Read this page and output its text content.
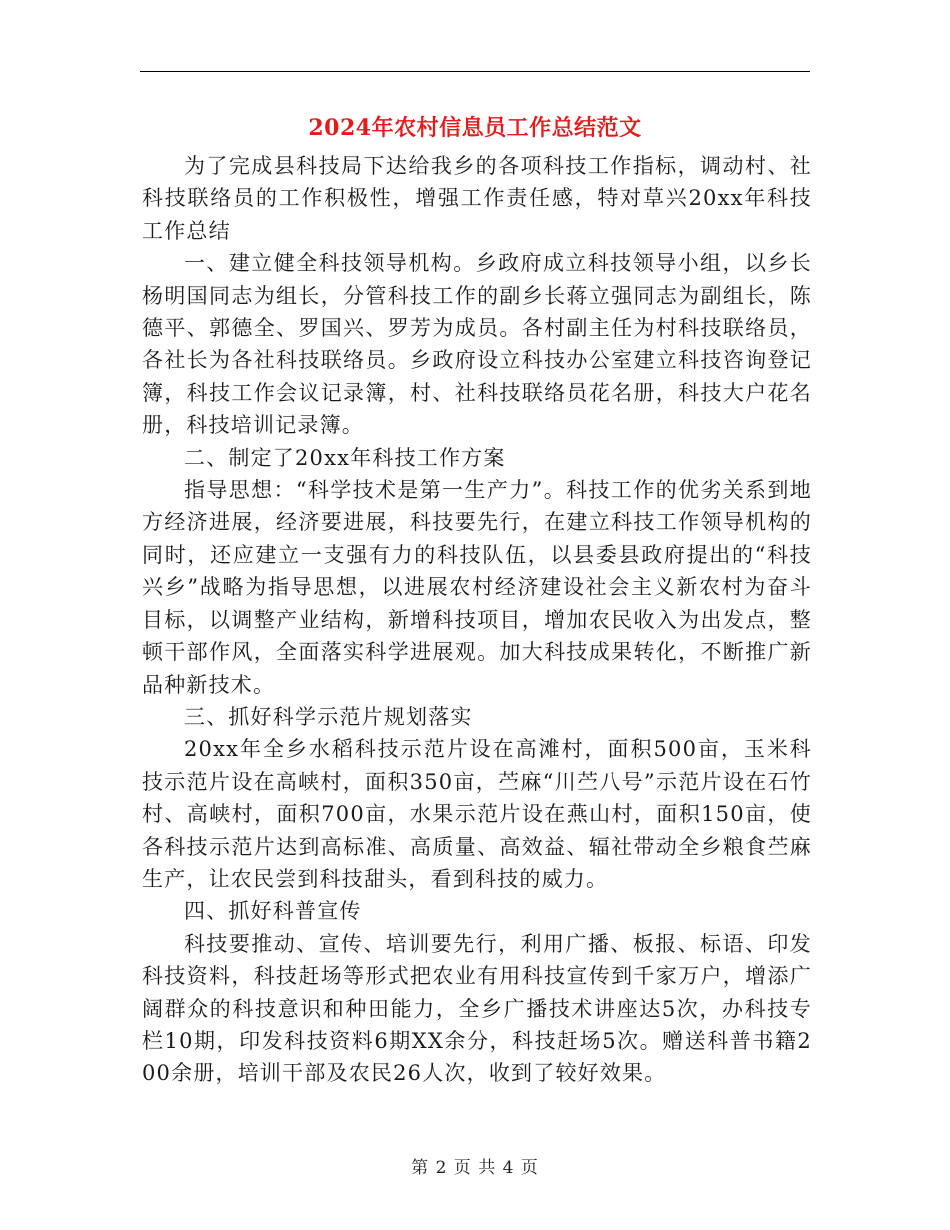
2024年农村信息员工作总结范文

为了完成县科技局下达给我乡的各项科技工作指标，调动村、社科技联络员的工作积极性，增强工作责任感，特对草兴20xx年科技工作总结

一、建立健全科技领导机构。乡政府成立科技领导小组，以乡长杨明国同志为组长，分管科技工作的副乡长蒋立强同志为副组长，陈德平、郭德全、罗国兴、罗芳为成员。各村副主任为村科技联络员，各社长为各社科技联络员。乡政府设立科技办公室建立科技咨询登记簿，科技工作会议记录簿，村、社科技联络员花名册，科技大户花名册，科技培训记录簿。

二、制定了20xx年科技工作方案

指导思想：“科学技术是第一生产力”。科技工作的优劣关系到地方经济进展，经济要进展，科技要先行，在建立科技工作领导机构的同时，还应建立一支强有力的科技队伍，以县委县政府提出的“科技兴乡”战略为指导思想，以进展农村经济建设社会主义新农村为奋斗目标，以调整产业结构，新增科技项目，增加农民收入为出发点，整顿干部作风，全面落实科学进展观。加大科技成果转化，不断推广新品种新技术。

三、抓好科学示范片规划落实

20xx年全乡水稻科技示范片设在高滩村，面积500亩，玉米科技示范片设在高峡村，面积350亩，苎麻“川苎八号”示范片设在石竹村、高峡村，面积700亩，水果示范片设在燕山村，面积150亩，使各科技示范片达到高标准、高质量、高效益、辐社带动全乡粮食苎麻生产，让农民尝到科技甜头，看到科技的威力。

四、抓好科普宣传

科技要推动、宣传、培训要先行，利用广播、板报、标语、印发科技资料，科技赶场等形式把农业有用科技宣传到千家万户，增添广阔群众的科技意识和种田能力，全乡广播技术讲座达5次，办科技专栏10期，印发科技资料6期XX余分，科技赶场5次。赠送科普书籍200余册，培训干部及农民26人次，收到了较好效果。

第 2 页 共 4 页
